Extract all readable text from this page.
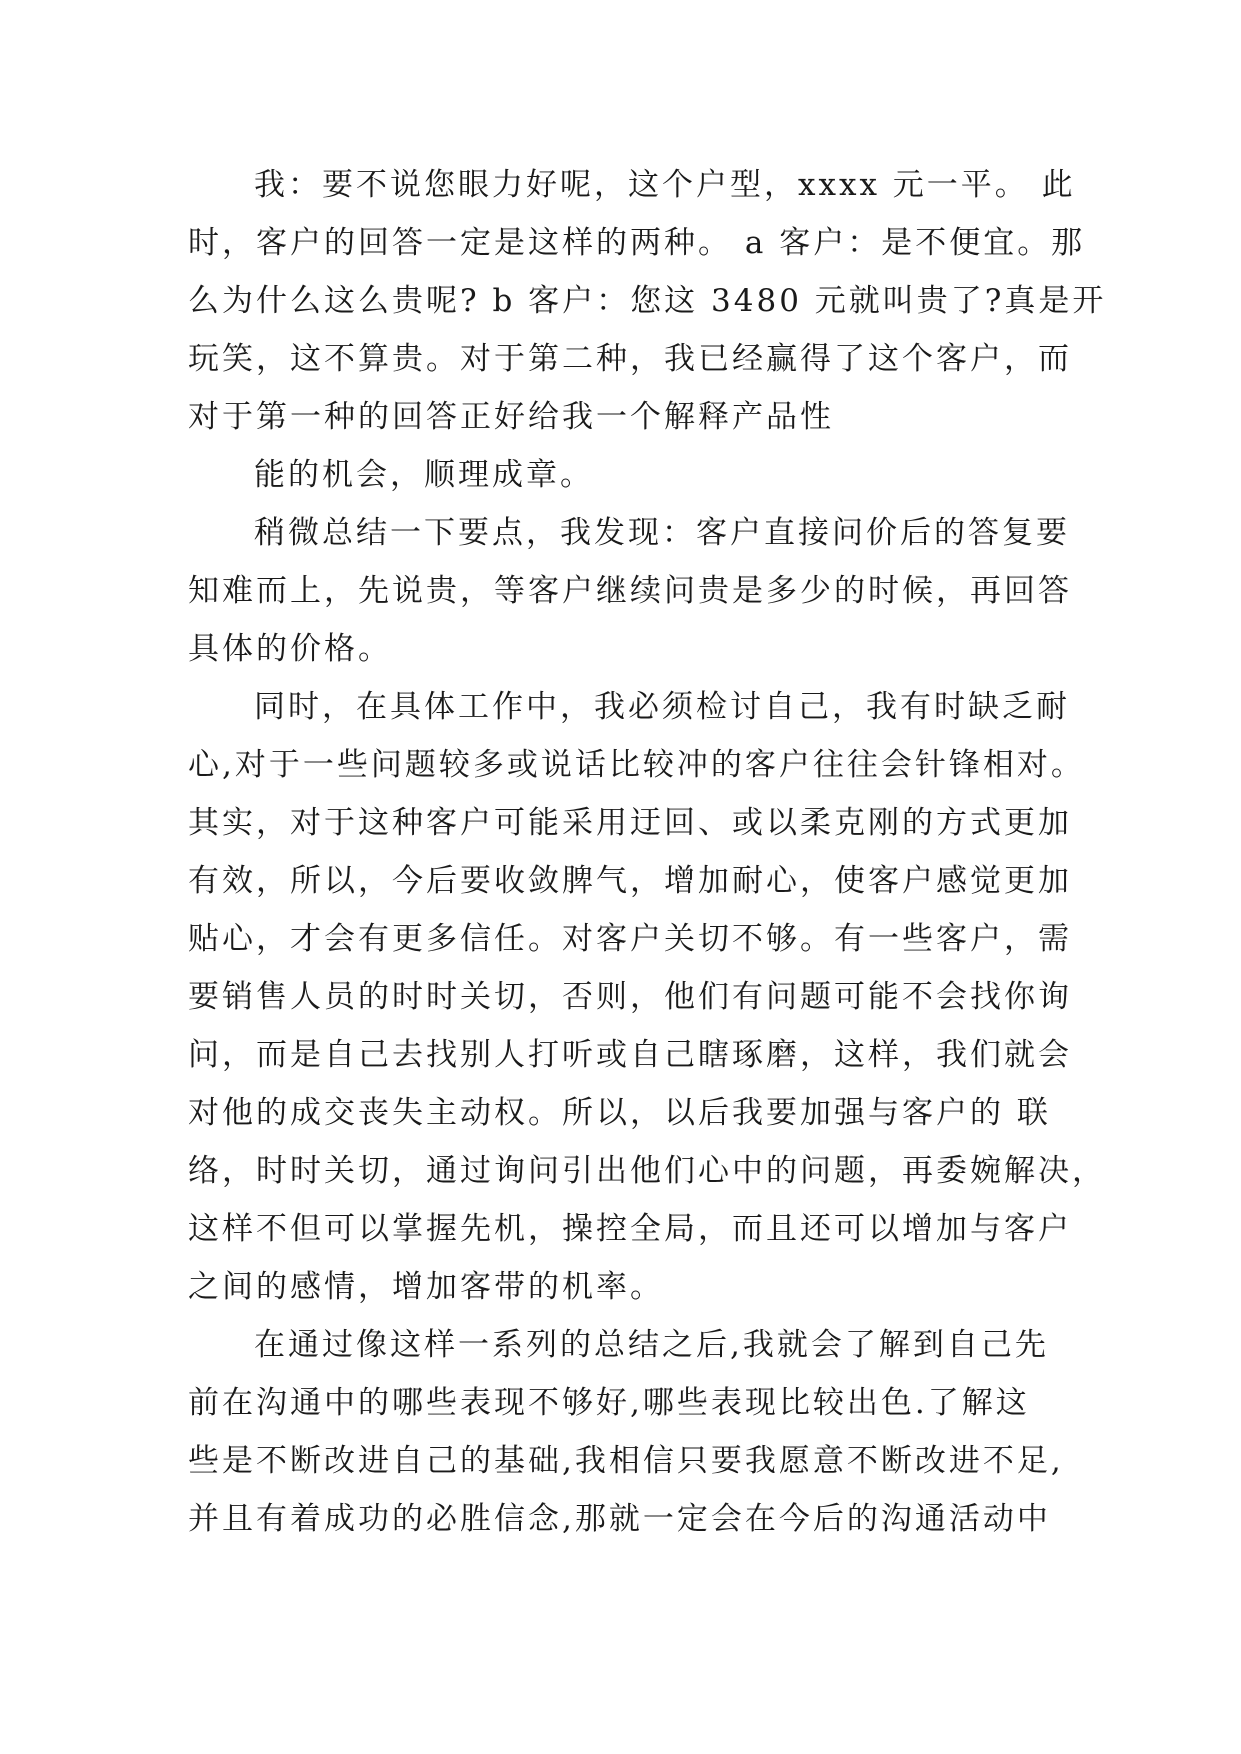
我：要不说您眼力好呢，这个户型，xxxx 元一平。 此
时，客户的回答一定是这样的两种。 a 客户：是不便宜。那
么为什么这么贵呢? b 客户：您这 3480 元就叫贵了?真是开
玩笑，这不算贵。对于第二种，我已经赢得了这个客户，而
对于第一种的回答正好给我一个解释产品性
能的机会，顺理成章。
稍微总结一下要点，我发现：客户直接问价后的答复要
知难而上，先说贵，等客户继续问贵是多少的时候，再回答
具体的价格。
同时，在具体工作中，我必须检讨自己，我有时缺乏耐
心,对于一些问题较多或说话比较冲的客户往往会针锋相对。
其实，对于这种客户可能采用迂回、或以柔克刚的方式更加
有效，所以，今后要收敛脾气，增加耐心，使客户感觉更加
贴心，才会有更多信任。对客户关切不够。有一些客户，需
要销售人员的时时关切，否则，他们有问题可能不会找你询
问，而是自己去找别人打听或自己瞎琢磨，这样，我们就会
对他的成交丧失主动权。所以，以后我要加强与客户的 联
络，时时关切，通过询问引出他们心中的问题，再委婉解决，
这样不但可以掌握先机，操控全局，而且还可以增加与客户
之间的感情，增加客带的机率。
在通过像这样一系列的总结之后,我就会了解到自己先
前在沟通中的哪些表现不够好,哪些表现比较出色.了解这
些是不断改进自己的基础,我相信只要我愿意不断改进不足,
并且有着成功的必胜信念,那就一定会在今后的沟通活动中
